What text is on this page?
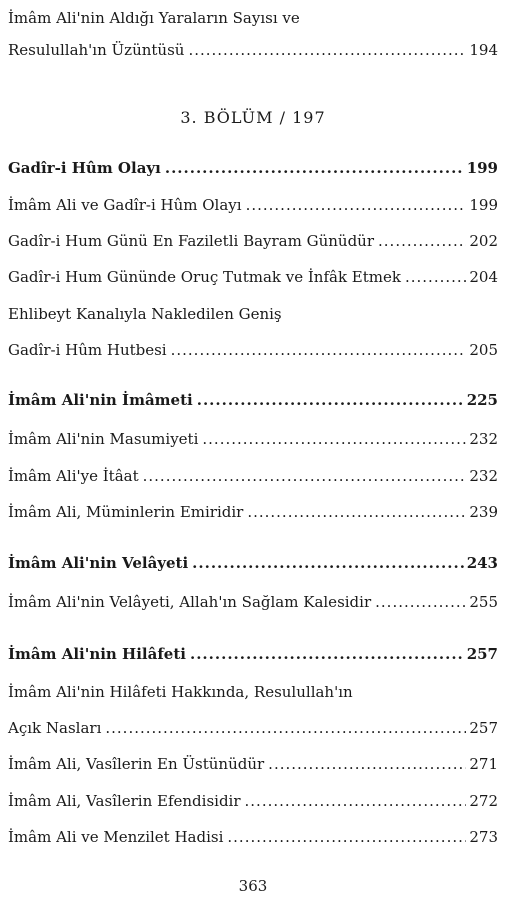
İmâm Ali'nin Aldığı Yaraların Sayısı ve
Resulullah'ın Üzüntüsü .....	194
3. BÖLÜM / 197
Gadîr-i Hûm Olayı .....	199
İmâm Ali ve Gadîr-i Hûm Olayı .....	199
Gadîr-i Hum Günü En Faziletli Bayram Günüdür .....	202
Gadîr-i Hum Gününde Oruç Tutmak ve İnfâk Etmek .....	204
Ehlibeyt Kanalıyla Nakledilen Geniş
Gadîr-i Hûm Hutbesi .....	205
İmâm Ali'nin İmâmeti .....	225
İmâm Ali'nin Masumiyeti .....	232
İmâm Ali'ye İtâat .....	232
İmâm Ali, Müminlerin Emiridir .....	239
İmâm Ali'nin Velâyeti .....	243
İmâm Ali'nin Velâyeti, Allah'ın Sağlam Kalesidir .....	255
İmâm Ali'nin Hilâfeti .....	257
İmâm Ali'nin Hilâfeti Hakkında, Resulullah'ın
Açık Nasları .....	257
İmâm Ali, Vasîlerin En Üstünüdür .....	271
İmâm Ali, Vasîlerin Efendisidir .....	272
İmâm Ali ve Menzilet Hadisi .....	273
363
